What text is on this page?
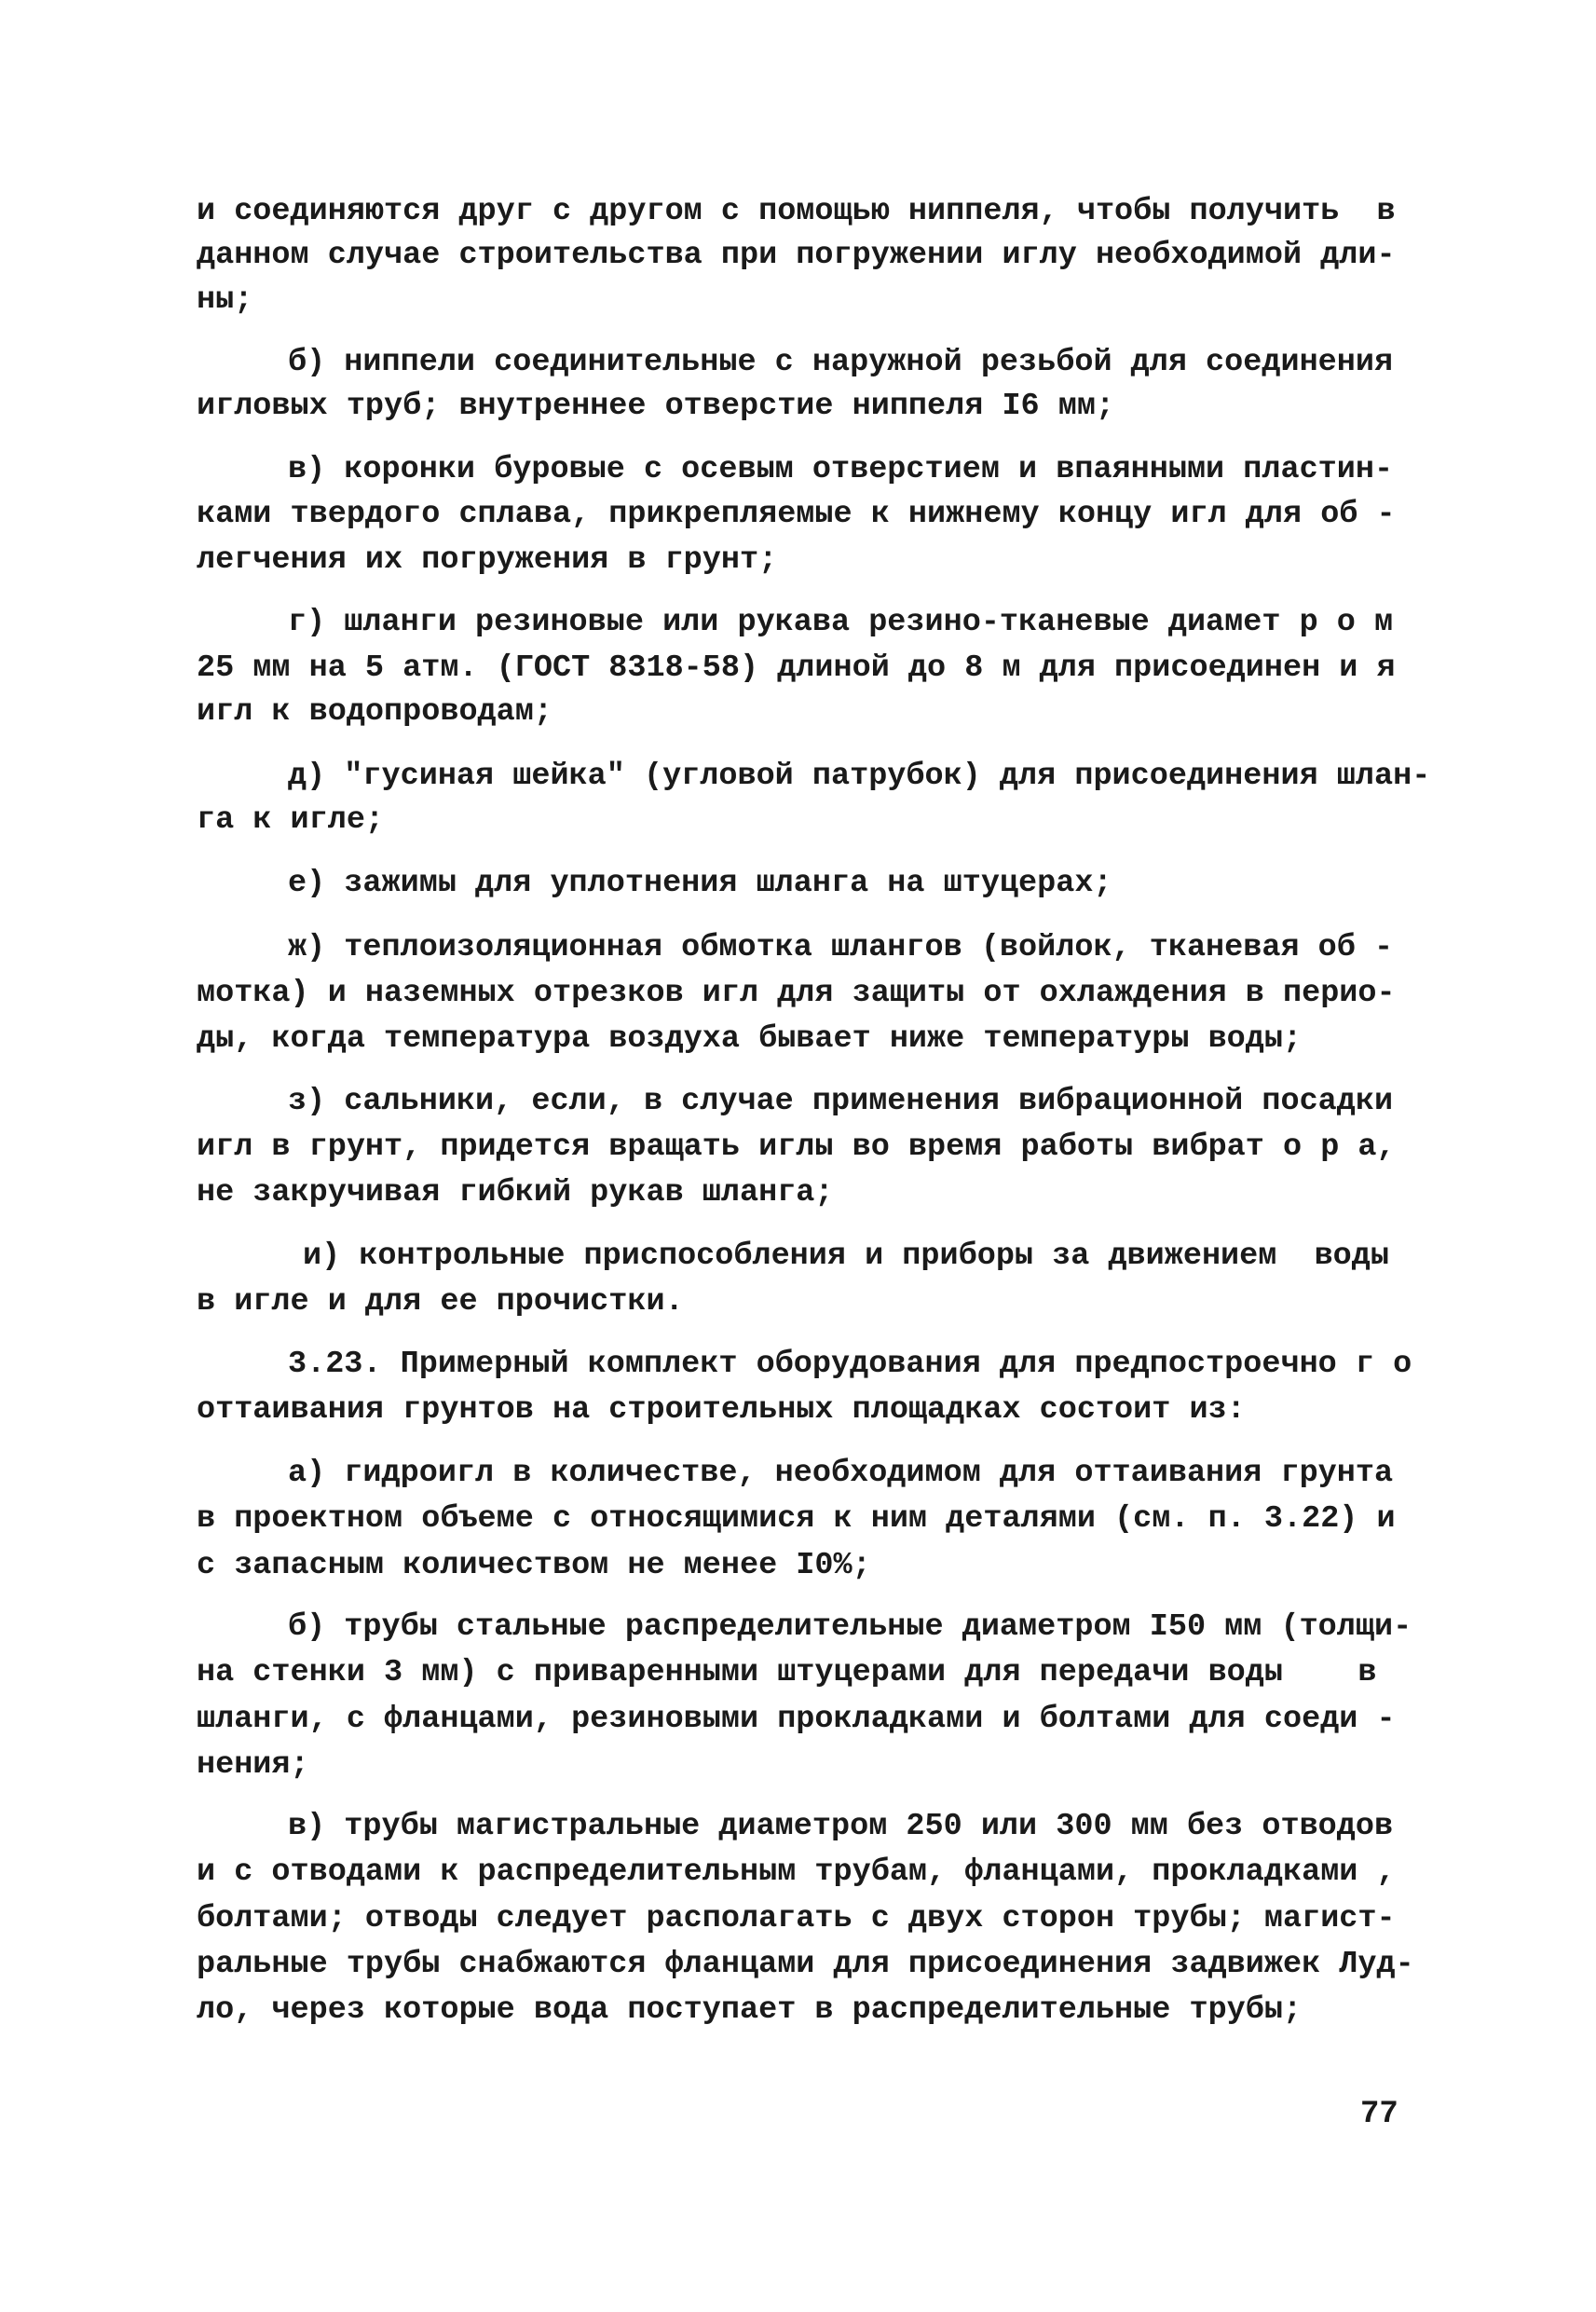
77
и соединяются друг с другом с помощью ниппеля, чтобы получить  в
данном случае строительства при погружении иглу необходимой дли-
ны;
б) ниппели соединительные с наружной резьбой для соединения
игловых труб; внутреннее отверстие ниппеля I6 мм;
в) коронки буровые с осевым отверстием и впаянными пластин-
ками твердого сплава, прикрепляемые к нижнему концу игл для об -
легчения их погружения в грунт;
г) шланги резиновые или рукава резино-тканевые диамет р о м
25 мм на 5 атм. (ГОСТ 8318-58) длиной до 8 м для присоединен и я
игл к водопроводам;
д) "гусиная шейка" (угловой патрубок) для присоединения шлан-
га к игле;
е) зажимы для уплотнения шланга на штуцерах;
ж) теплоизоляционная обмотка шлангов (войлок, тканевая об -
мотка) и наземных отрезков игл для защиты от охлаждения в перио-
ды, когда температура воздуха бывает ниже температуры воды;
з) сальники, если, в случае применения вибрационной посадки
игл в грунт, придется вращать иглы во время работы вибрат о р а,
не закручивая гибкий рукав шланга;
и) контрольные приспособления и приборы за движением  воды
в игле и для ее прочистки.
3.23. Примерный комплект оборудования для предпостроечно г о
оттаивания грунтов на строительных площадках состоит из:
а) гидроигл в количестве, необходимом для оттаивания грунта
в проектном объеме с относящимися к ним деталями (см. п. 3.22) и
с запасным количеством не менее I0%;
б) трубы стальные распределительные диаметром I50 мм (толщи-
на стенки 3 мм) с приваренными штуцерами для передачи воды    в
шланги, с фланцами, резиновыми прокладками и болтами для соеди -
нения;
в) трубы магистральные диаметром 250 или 300 мм без отводов
и с отводами к распределительным трубам, фланцами, прокладками ,
болтами; отводы следует располагать с двух сторон трубы; магист-
ральные трубы снабжаются фланцами для присоединения задвижек Луд-
ло, через которые вода поступает в распределительные трубы;
